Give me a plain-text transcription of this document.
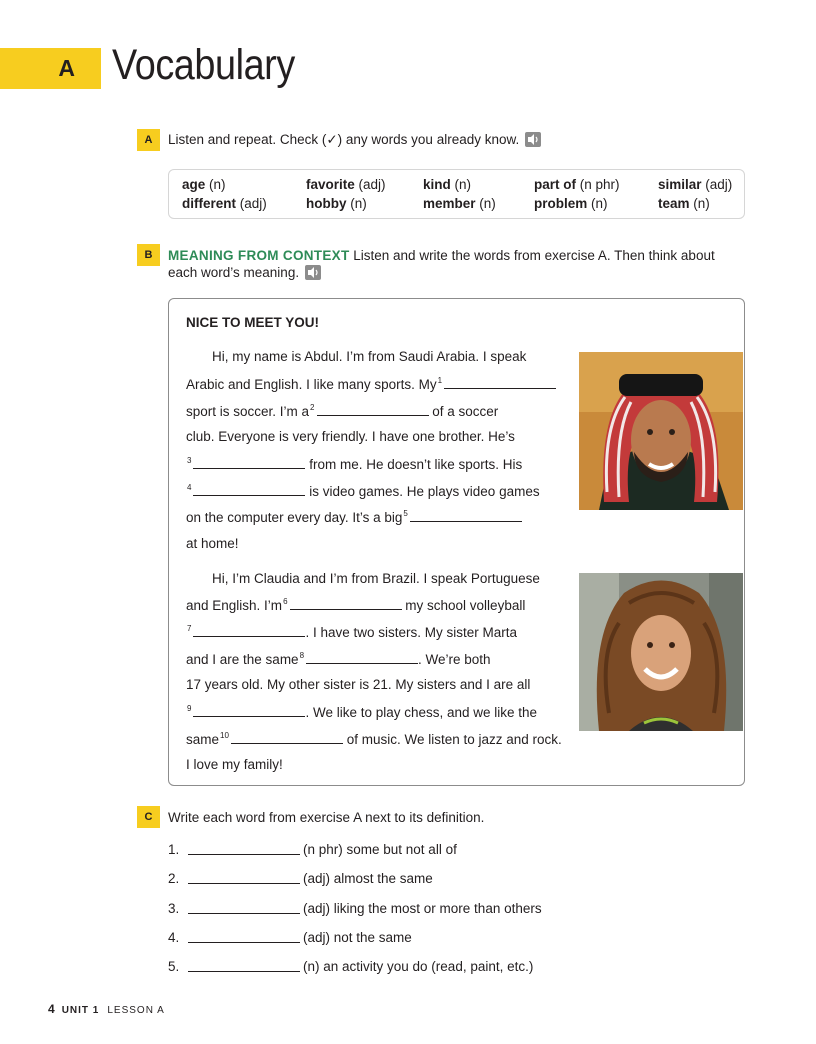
A Vocabulary
A	Listen and repeat. Check (✓) any words you already know.
age (n)	favorite (adj)	kind (n)	part of (n phr)	similar (adj)
different (adj)	hobby (n)	member (n)	problem (n)	team (n)
B	MEANING FROM CONTEXT Listen and write the words from exercise A. Then think about
each word’s meaning.
NICE TO MEET YOU!
Hi, my name is Abdul. I’m from Saudi Arabia. I speak
Arabic and English. I like many sports. My$^1$
sport is soccer. I’m $a^2$	of a soccer
club. Everyone is very friendly. I have one brother. He’s
$^3$	from me. He doesn’t like sports. His
$^4$	is video games. He plays video games
on the computer every day. It’s a big$^5$
at home!
Hi, I’m Claudia and I’m from Brazil. I speak Portuguese
and English. $I’m^6$	my school volleyball
$^7$	. I have two sisters. My sister Marta
and I are the same$^8$	. We’re both
17 years old. My other sister is 21. My sisters and I are all
$^9$	. We like to play chess, and we like the
same$^{10}$	of music. We listen to jazz and rock.
I love my family!
C	Write each word from exercise A next to its definition.
1.	(n phr) some but not all of
2.	(adj) almost the same
3.	(adj) liking the most or more than others
4.	(adj) not the same
5.	(n) an activity you do (read, paint, etc.)
4 UNIT 1 LESSON A
